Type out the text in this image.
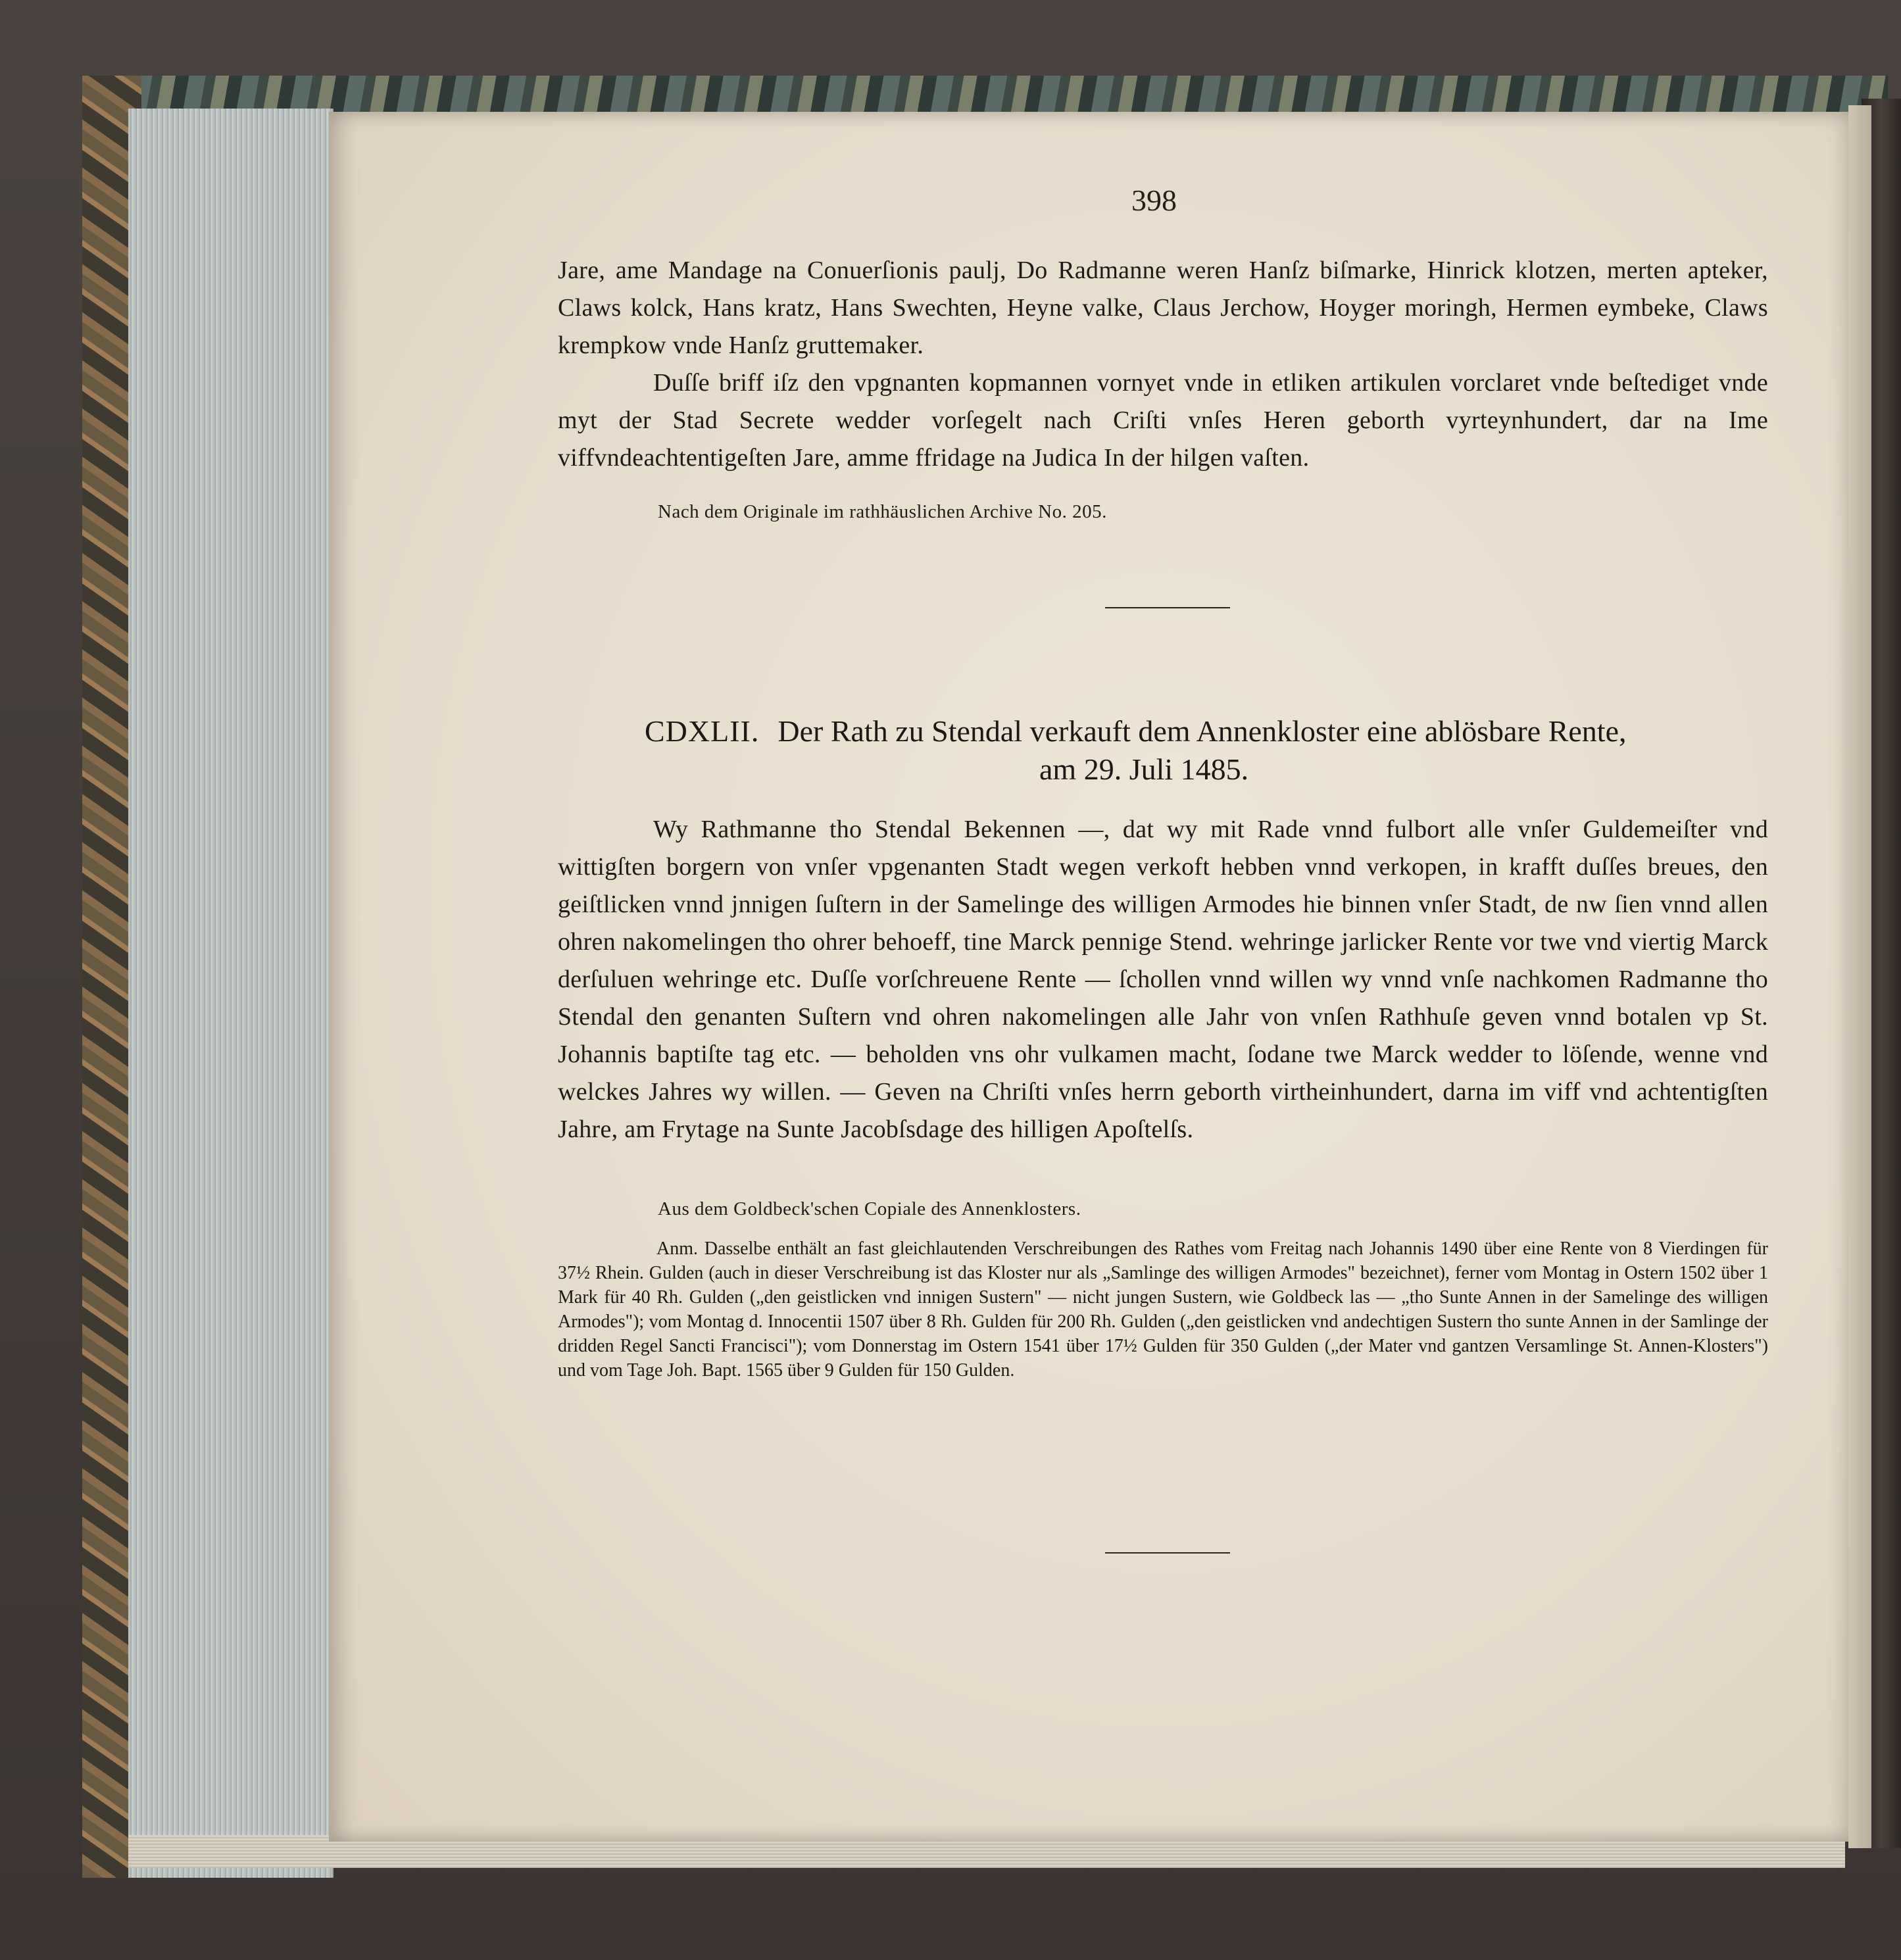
398
Jare, ame Mandage na Conuerſionis paulj, Do Radmanne weren Hanſz biſmarke, Hinrick klotzen, merten apteker, Claws kolck, Hans kratz, Hans Swechten, Heyne valke, Claus Jerchow, Hoyger moringh, Hermen eymbeke, Claws krempkow vnde Hanſz gruttemaker.
Duſſe briff iſz den vpgnanten kopmannen vornyet vnde in etliken artikulen vorclaret vnde beſtediget vnde myt der Stad Secrete wedder vorſegelt nach Criſti vnſes Heren geborth vyrteynhundert, dar na Ime viffvndeachtentigeſten Jare, amme ffridage na Judica In der hilgen vaſten.
Nach dem Originale im rathhäuslichen Archive No. 205.
CDXLII. Der Rath zu Stendal verkauft dem Annenkloster eine ablösbare Rente,
am 29. Juli 1485.
Wy Rathmanne tho Stendal Bekennen —, dat wy mit Rade vnnd fulbort alle vnſer Guldemeiſter vnd wittigſten borgern von vnſer vpgenanten Stadt wegen verkoft hebben vnnd verkopen, in krafft duſſes breues, den geiſtlicken vnnd jnnigen ſuſtern in der Samelinge des willigen Armodes hie binnen vnſer Stadt, de nw ſien vnnd allen ohren nakomelingen tho ohrer behoeff, tine Marck pennige Stend. wehringe jarlicker Rente vor twe vnd viertig Marck derſuluen wehringe etc. Duſſe vorſchreuene Rente — ſchollen vnnd willen wy vnnd vnſe nachkomen Radmanne tho Stendal den genanten Suſtern vnd ohren nakomelingen alle Jahr von vnſen Rathhuſe geven vnnd botalen vp St. Johannis baptiſte tag etc. — beholden vns ohr vulkamen macht, ſodane twe Marck wedder to löſende, wenne vnd welckes Jahres wy willen. — Geven na Chriſti vnſes herrn geborth virtheinhundert, darna im viff vnd achtentigſten Jahre, am Frytage na Sunte Jacobſsdage des hilligen Apoſtelſs.
Aus dem Goldbeck'schen Copiale des Annenklosters.
Anm. Dasselbe enthält an fast gleichlautenden Verschreibungen des Rathes vom Freitag nach Johannis 1490 über eine Rente von 8 Vierdingen für 37½ Rhein. Gulden (auch in dieser Verschreibung ist das Kloster nur als „Samlinge des willigen Armodes" bezeichnet), ferner vom Montag in Ostern 1502 über 1 Mark für 40 Rh. Gulden („den geistlicken vnd innigen Sustern" — nicht jungen Sustern, wie Goldbeck las — „tho Sunte Annen in der Samelinge des willigen Armodes"); vom Montag d. Innocentii 1507 über 8 Rh. Gulden für 200 Rh. Gulden („den geistlicken vnd andechtigen Sustern tho sunte Annen in der Samlinge der dridden Regel Sancti Francisci"); vom Donnerstag im Ostern 1541 über 17½ Gulden für 350 Gulden („der Mater vnd gantzen Versamlinge St. Annen-Klosters") und vom Tage Joh. Bapt. 1565 über 9 Gulden für 150 Gulden.
